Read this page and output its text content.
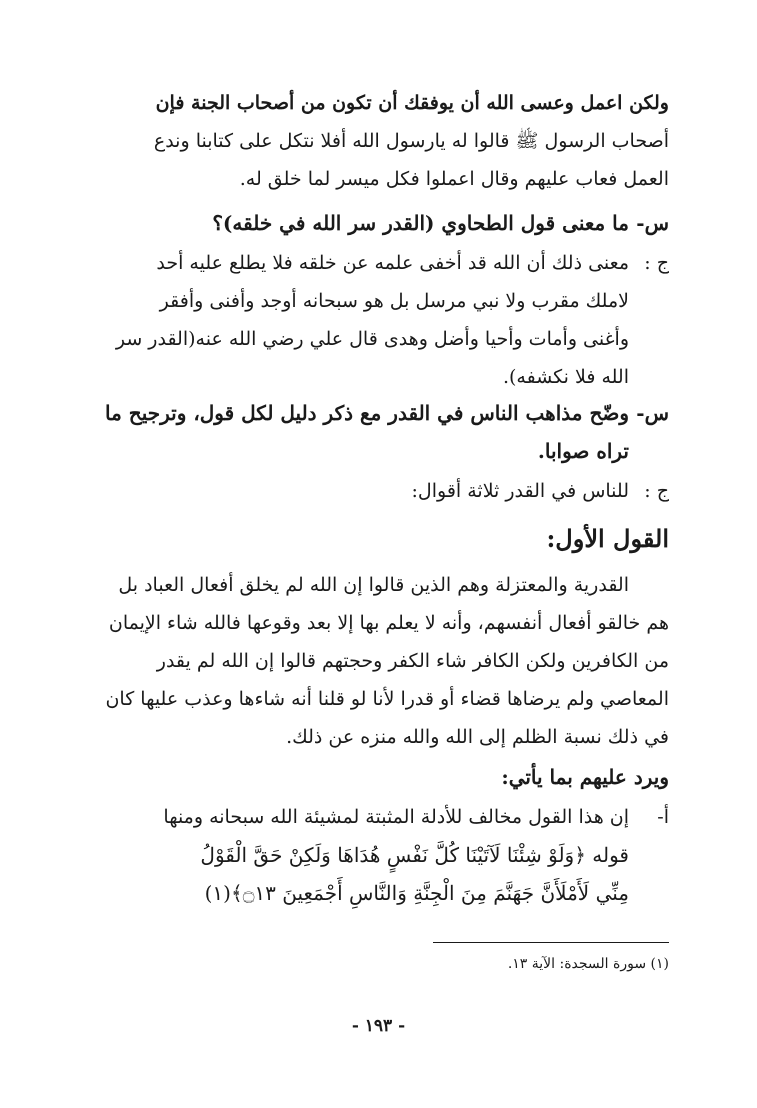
ولكن اعمل وعسى الله أن يوفقك أن تكون من أصحاب الجنة فإن
أصحاب الرسول ﷺ قالوا له يارسول الله أفلا نتكل على كتابنا وندع
العمل فعاب عليهم وقال اعملوا فكل ميسر لما خلق له.
س-ما معنى قول الطحاوي (القدر سر الله في خلقه)؟
ج :معنى ذلك أن الله قد أخفى علمه عن خلقه فلا يطلع عليه أحد
لاملك مقرب ولا نبي مرسل بل هو سبحانه أوجد وأفنى وأفقر
وأغنى وأمات وأحيا وأضل وهدى قال علي رضي الله عنه(القدر سر
الله فلا نكشفه).
س-وضّح مذاهب الناس في القدر مع ذكر دليل لكل قول، وترجيح ما
تراه صوابا.
ج :للناس في القدر ثلاثة أقوال:
القول الأول:
القدرية والمعتزلة وهم الذين قالوا إن الله لم يخلق أفعال العباد بل
هم خالقو أفعال أنفسهم، وأنه لا يعلم بها إلا بعد وقوعها فالله شاء الإيمان
من الكافرين ولكن الكافر شاء الكفر وحجتهم قالوا إن الله لم يقدر
المعاصي ولم يرضاها قضاء أو قدرا لأنا لو قلنا أنه شاءها وعذب عليها كان
في ذلك نسبة الظلم إلى الله والله منزه عن ذلك.
ويرد عليهم بما يأتي:
أ-إن هذا القول مخالف للأدلة المثبتة لمشيئة الله سبحانه ومنها
قوله ﴿وَلَوْ شِئْنَا لَآتَيْنَا كُلَّ نَفْسٍ هُدَاهَا وَلَكِنْ حَقَّ الْقَوْلُ
مِنِّي لَأَمْلَأَنَّ جَهَنَّمَ مِنَ الْجِنَّةِ وَالنَّاسِ أَجْمَعِينَ ۝١٣﴾(١)
(١) سورة السجدة: الآية ١٣.
- ١٩٣ -
